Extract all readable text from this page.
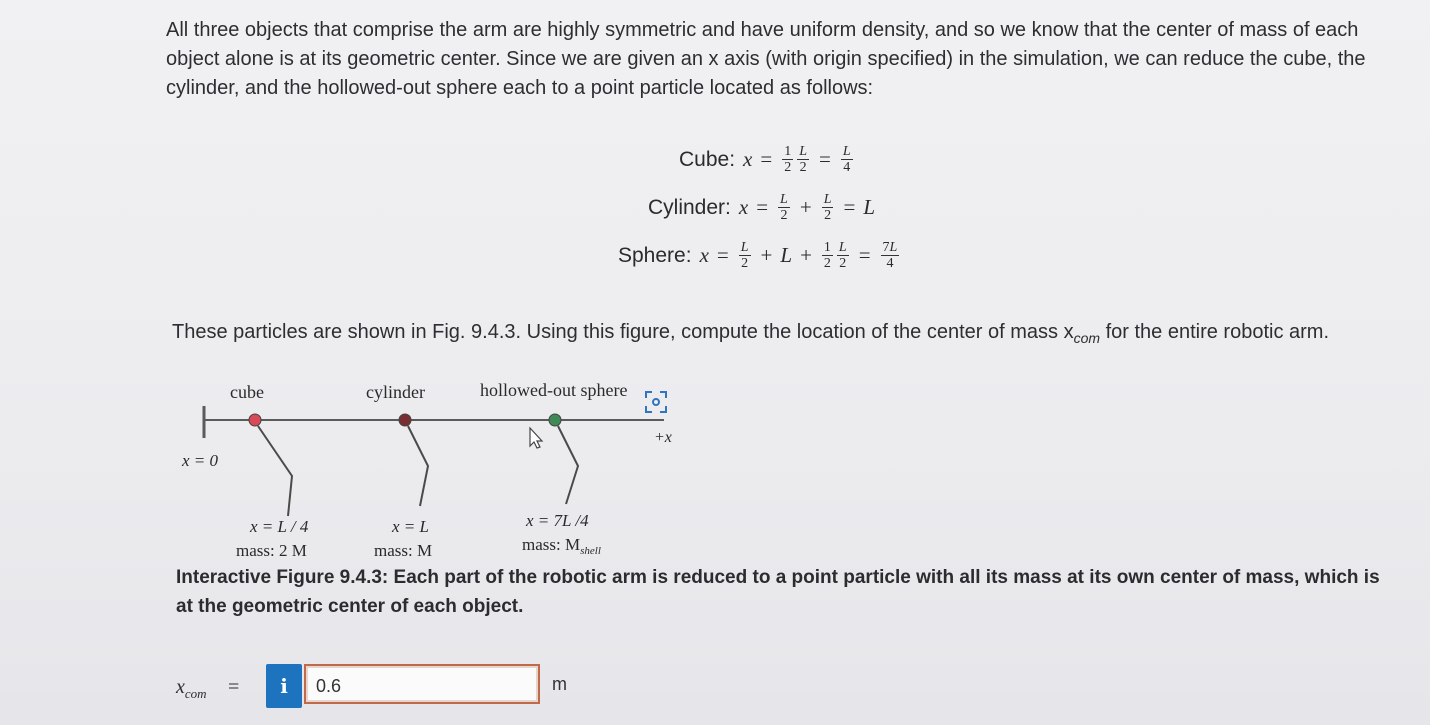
All three objects that comprise the arm are highly symmetric and have uniform density, and so we know that the center of mass of each object alone is at its geometric center. Since we are given an x axis (with origin specified) in the simulation, we can reduce the cube, the cylinder, and the hollowed-out sphere each to a point particle located as follows:
Cube: $x = \frac{1}{2} \frac{L}{2} = \frac{L}{4}$
Cylinder: $x = \frac{L}{2} + \frac{L}{2} = L$
Sphere: $x = \frac{L}{2} + L + \frac{1}{2} \frac{L}{2} = \frac{7L}{4}$
These particles are shown in Fig. 9.4.3. Using this figure, compute the location of the center of mass $x_{com}$ for the entire robotic arm.
x = 0
+x
cube	cylinder	hollowed-out sphere
x = L / 4
mass: 2 M
x = L
mass: M
x = 7L /4
mass: $M_{shell}$
Interactive Figure 9.4.3: Each part of the robotic arm is reduced to a point particle with all its mass at its own center of mass, which is at the geometric center of each object.
$x_{com}$ =	i	0.6	m
